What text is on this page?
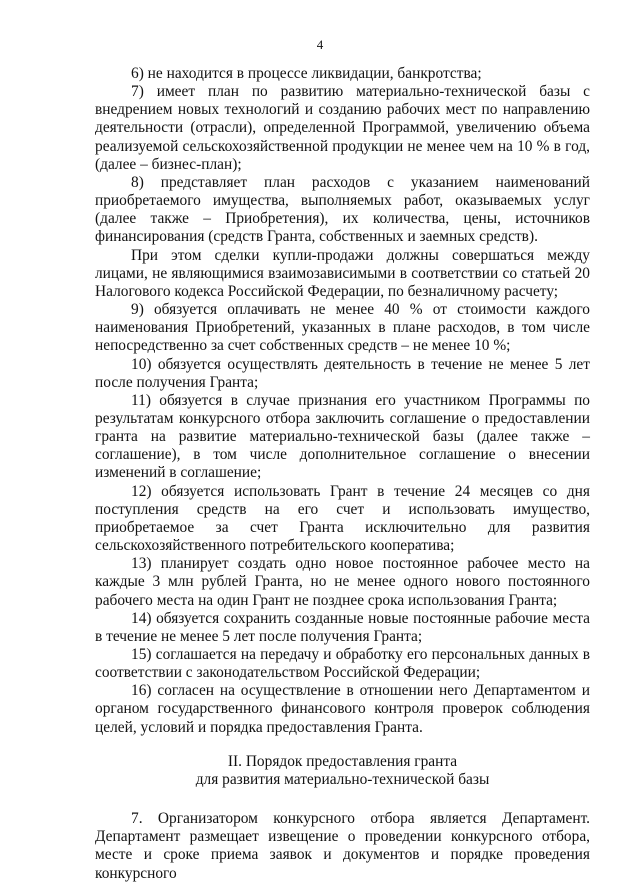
4

6) не находится в процессе ликвидации, банкротства;

7) имеет план по развитию материально-технической базы с внедрением новых технологий и созданию рабочих мест по направлению деятельности (отрасли), определенной Программой, увеличению объема реализуемой сельскохозяйственной продукции не менее чем на 10 % в год, (далее – бизнес-план);

8) представляет план расходов с указанием наименований приобретаемого имущества, выполняемых работ, оказываемых услуг (далее также – Приобретения), их количества, цены, источников финансирования (средств Гранта, собственных и заемных средств).

При этом сделки купли-продажи должны совершаться между лицами, не являющимися взаимозависимыми в соответствии со статьей 20 Налогового кодекса Российской Федерации, по безналичному расчету;

9) обязуется оплачивать не менее 40 % от стоимости каждого наименования Приобретений, указанных в плане расходов, в том числе непосредственно за счет собственных средств – не менее 10 %;

10) обязуется осуществлять деятельность в течение не менее 5 лет после получения Гранта;

11) обязуется в случае признания его участником Программы по результатам конкурсного отбора заключить соглашение о предоставлении гранта на развитие материально-технической базы (далее также – соглашение), в том числе дополнительное соглашение о внесении изменений в соглашение;

12) обязуется использовать Грант в течение 24 месяцев со дня поступления средств на его счет и использовать имущество, приобретаемое за счет Гранта исключительно для развития сельскохозяйственного потребительского кооператива;

13) планирует создать одно новое постоянное рабочее место на каждые 3 млн рублей Гранта, но не менее одного нового постоянного рабочего места на один Грант не позднее срока использования Гранта;

14) обязуется сохранить созданные новые постоянные рабочие места в течение не менее 5 лет после получения Гранта;

15) соглашается на передачу и обработку его персональных данных в соответствии с законодательством Российской Федерации;

16) согласен на осуществление в отношении него Департаментом и органом государственного финансового контроля проверок соблюдения целей, условий и порядка предоставления Гранта.

II. Порядок предоставления гранта
для развития материально-технической базы

7. Организатором конкурсного отбора является Департамент. Департамент размещает извещение о проведении конкурсного отбора, месте и сроке приема заявок и документов и порядке проведения конкурсного
